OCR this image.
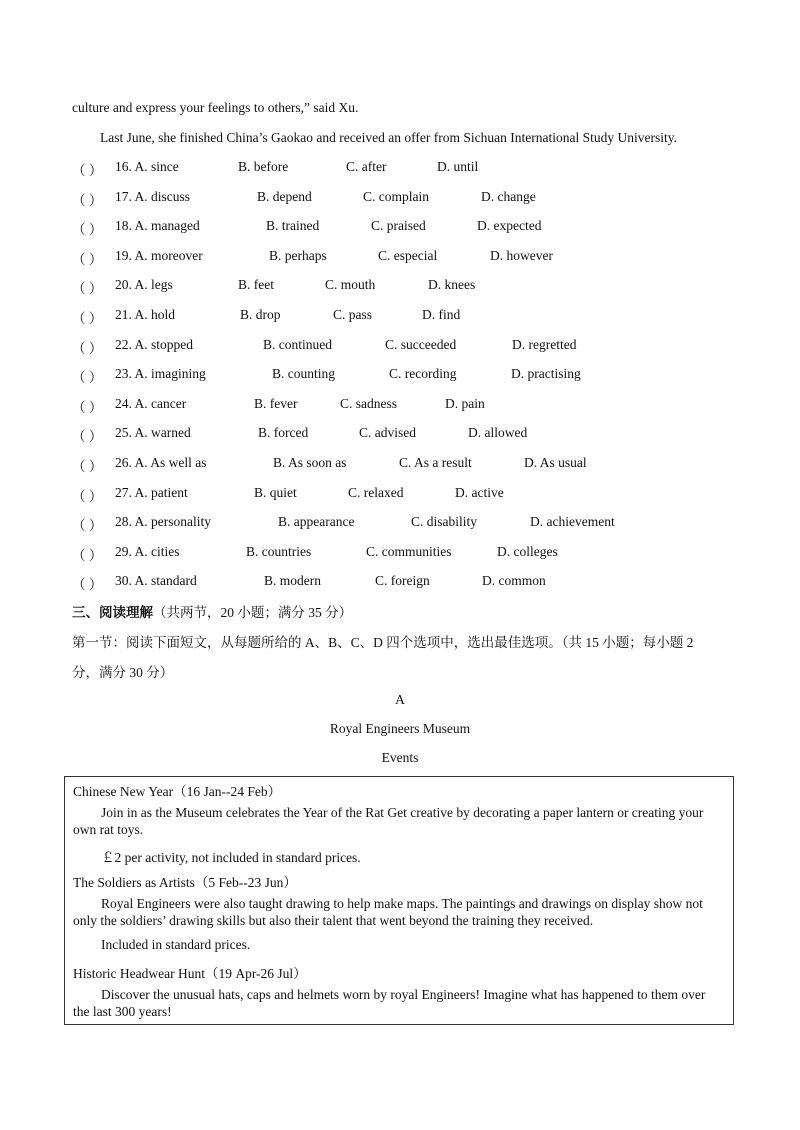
culture and express your feelings to others,” said Xu.
Last June, she finished China’s Gaokao and received an offer from Sichuan International Study University.
（ ） 16. A. since	B. before	C. after	D. until
（ ） 17. A. discuss	B. depend	C. complain	D. change
（ ） 18. A. managed	B. trained	C. praised	D. expected
（ ） 19. A. moreover	B. perhaps	C. especial	D. however
（ ） 20. A. legs	B. feet	C. mouth	D. knees
（ ） 21. A. hold	B. drop	C. pass	D. find
（ ） 22. A. stopped	B. continued	C. succeeded	D. regretted
（ ） 23. A. imagining	B. counting	C. recording	D. practising
（ ） 24. A. cancer	B. fever	C. sadness	D. pain
（ ） 25. A. warned	B. forced	C. advised	D. allowed
（ ） 26. A. As well as	B. As soon as	C. As a result	D. As usual
（ ） 27. A. patient	B. quiet	C. relaxed	D. active
（ ） 28. A. personality	B. appearance	C. disability	D. achievement
（ ） 29. A. cities	B. countries	C. communities	D. colleges
（ ） 30. A. standard	B. modern	C. foreign	D. common
三、阅读理解（共两节，20 小题；满分 35 分）
第一节：阅读下面短文，从每题所给的 A、B、C、D 四个选项中，选出最佳选项。（共 15 小题；每小题 2
分，满分 30 分）
A
Royal Engineers Museum
Events
Chinese New Year（16 Jan--24 Feb）
Join in as the Museum celebrates the Year of the Rat Get creative by decorating a paper lantern or creating your own rat toys.
￡2 per activity, not included in standard prices.
The Soldiers as Artists（5 Feb--23 Jun）
Royal Engineers were also taught drawing to help make maps. The paintings and drawings on display show not only the soldiers’ drawing skills but also their talent that went beyond the training they received.
Included in standard prices.
Historic Headwear Hunt（19 Apr-26 Jul）
Discover the unusual hats, caps and helmets worn by royal Engineers! Imagine what has happened to them over the last 300 years!
